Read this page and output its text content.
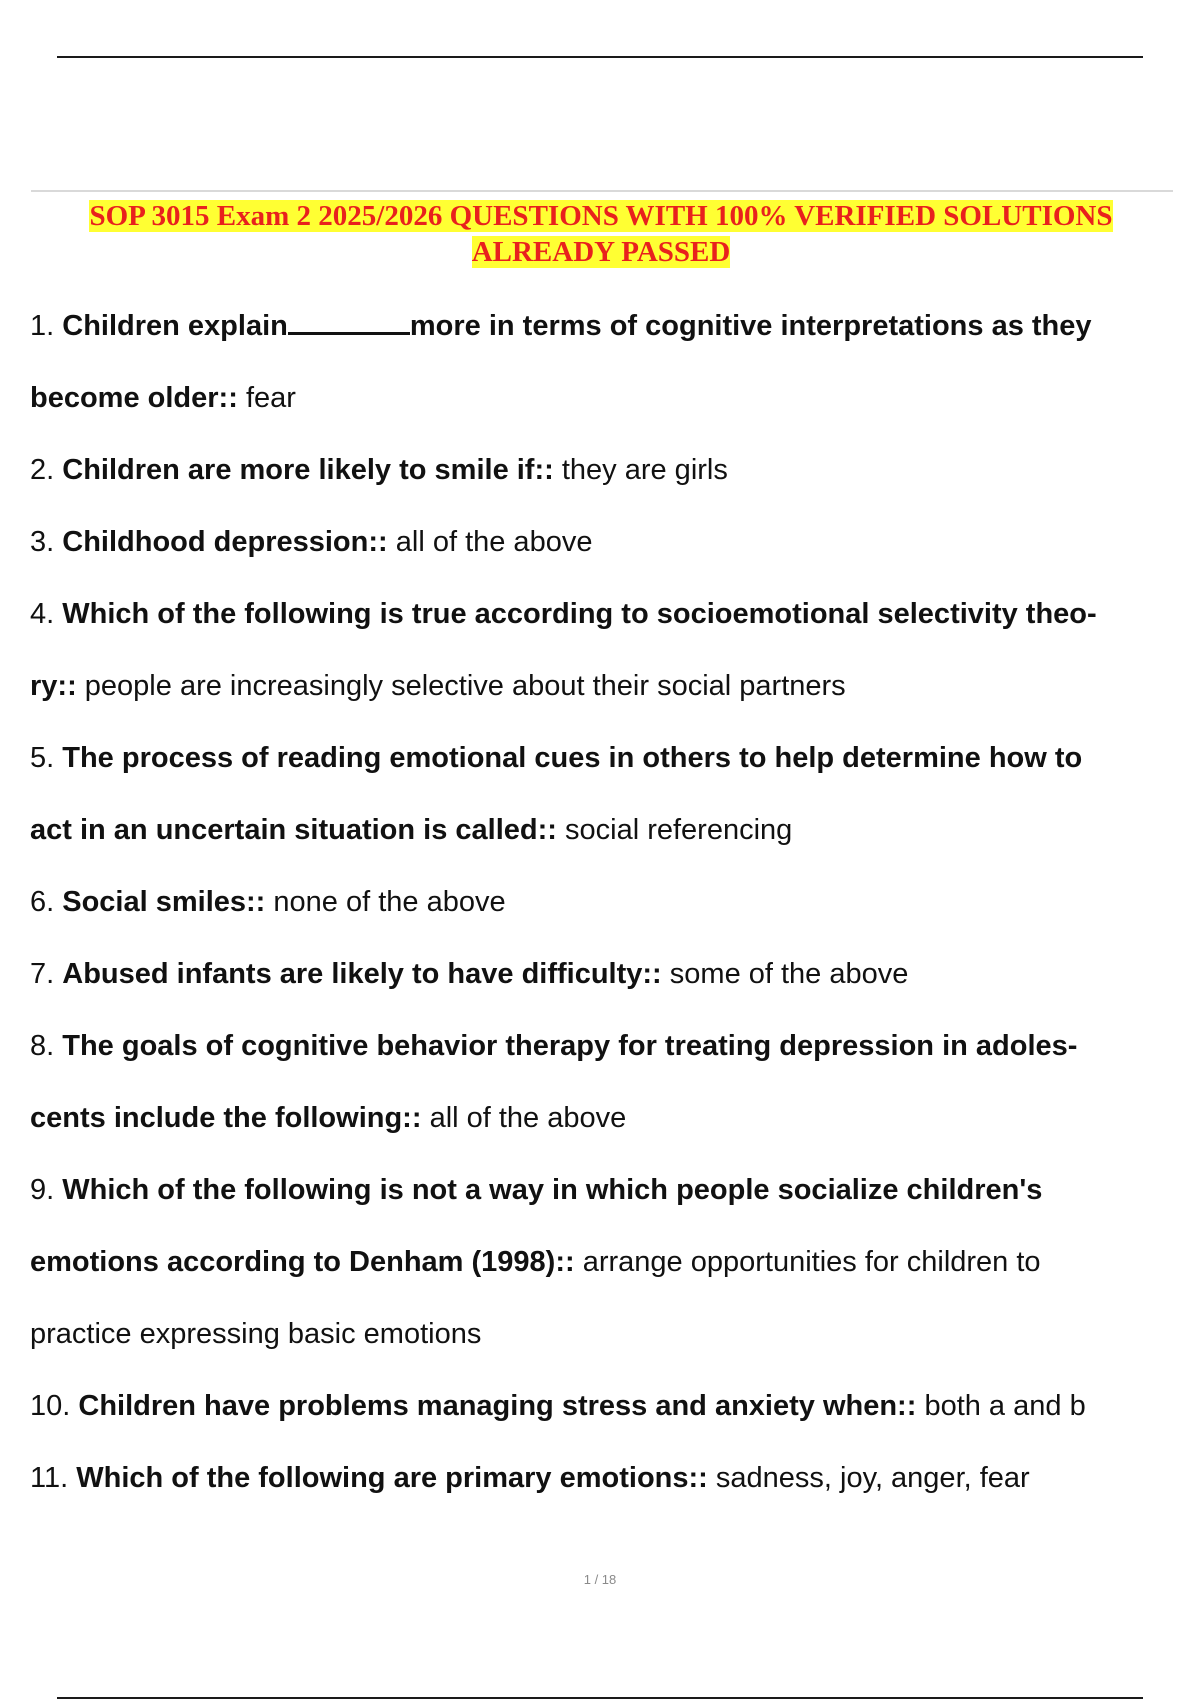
SOP 3015 Exam 2 2025/2026 QUESTIONS WITH 100% VERIFIED SOLUTIONS ALREADY PASSED
1. Children explain	more in terms of cognitive interpretations as they
become older:: fear
2. Children are more likely to smile if:: they are girls
3. Childhood depression:: all of the above
4. Which of the following is true according to socioemotional selectivity theo-
ry:: people are increasingly selective about their social partners
5. The process of reading emotional cues in others to help determine how to
act in an uncertain situation is called:: social referencing
6. Social smiles:: none of the above
7. Abused infants are likely to have difficulty:: some of the above
8. The goals of cognitive behavior therapy for treating depression in adoles-
cents include the following:: all of the above
9. Which of the following is not a way in which people socialize children's
emotions according to Denham (1998):: arrange opportunities for children to
practice expressing basic emotions
10. Children have problems managing stress and anxiety when:: both a and b
11. Which of the following are primary emotions:: sadness, joy, anger, fear
1 / 18
